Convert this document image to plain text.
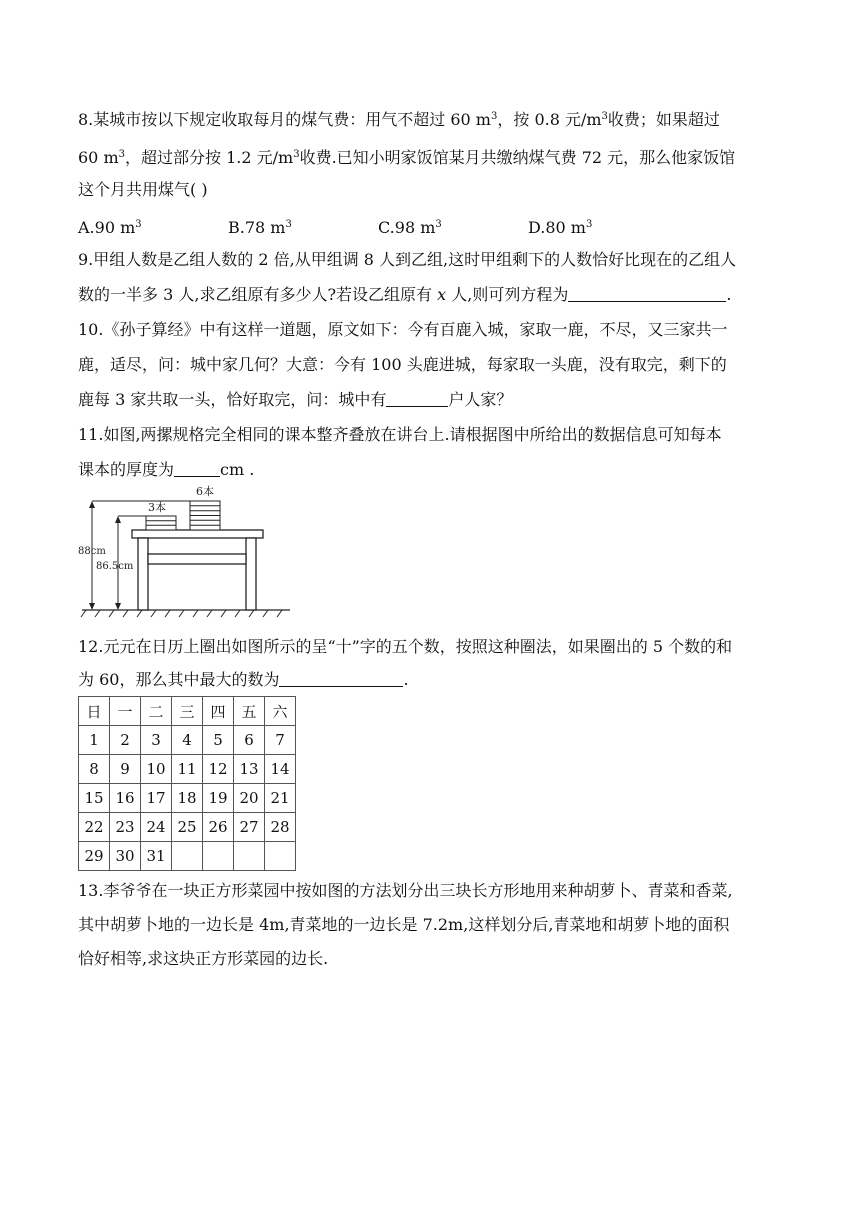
8.某城市按以下规定收取每月的煤气费：用气不超过 60 $m^3$，按 0.8 元$/m^3$收费；如果超过
60 $m^3$，超过部分按 1.2 元$/m^3$收费.已知小明家饭馆某月共缴纳煤气费 72 元，那么他家饭馆
这个月共用煤气( )
A.90 $m^3$	B.78 $m^3$	C.98 $m^3$	D.80 $m^3$
9.甲组人数是乙组人数的 2 倍,从甲组调 8 人到乙组,这时甲组剩下的人数恰好比现在的乙组人
数的一半多 3 人,求乙组原有多少人?若设乙组原有 x 人,则可列方程为	.
10.《孙子算经》中有这样一道题，原文如下：今有百鹿入城，家取一鹿，不尽，又三家共一
鹿，适尽，问：城中家几何？大意：今有 100 头鹿进城，每家取一头鹿，没有取完，剩下的
鹿每 3 家共取一头，恰好取完，问：城中有	户人家？
11.如图,两摞规格完全相同的课本整齐叠放在讲台上.请根据图中所给出的数据信息可知每本
课本的厚度为	cm .
6本
3本
88cm
86.5cm
12.元元在日历上圈出如图所示的呈“十”字的五个数，按照这种圈法，如果圈出的 5 个数的和
为 60，那么其中最大的数为	.
日	一	二	三	四	五	六
1	2	3	4	5	6	7
8	9	10	11	12	13	14
15	16	17	18	19	20	21
22	23	24	25	26	27	28
29	30	31				
13.李爷爷在一块正方形菜园中按如图的方法划分出三块长方形地用来种胡萝卜、青菜和香菜,
其中胡萝卜地的一边长是 4m,青菜地的一边长是 7.2m,这样划分后,青菜地和胡萝卜地的面积
恰好相等,求这块正方形菜园的边长.
